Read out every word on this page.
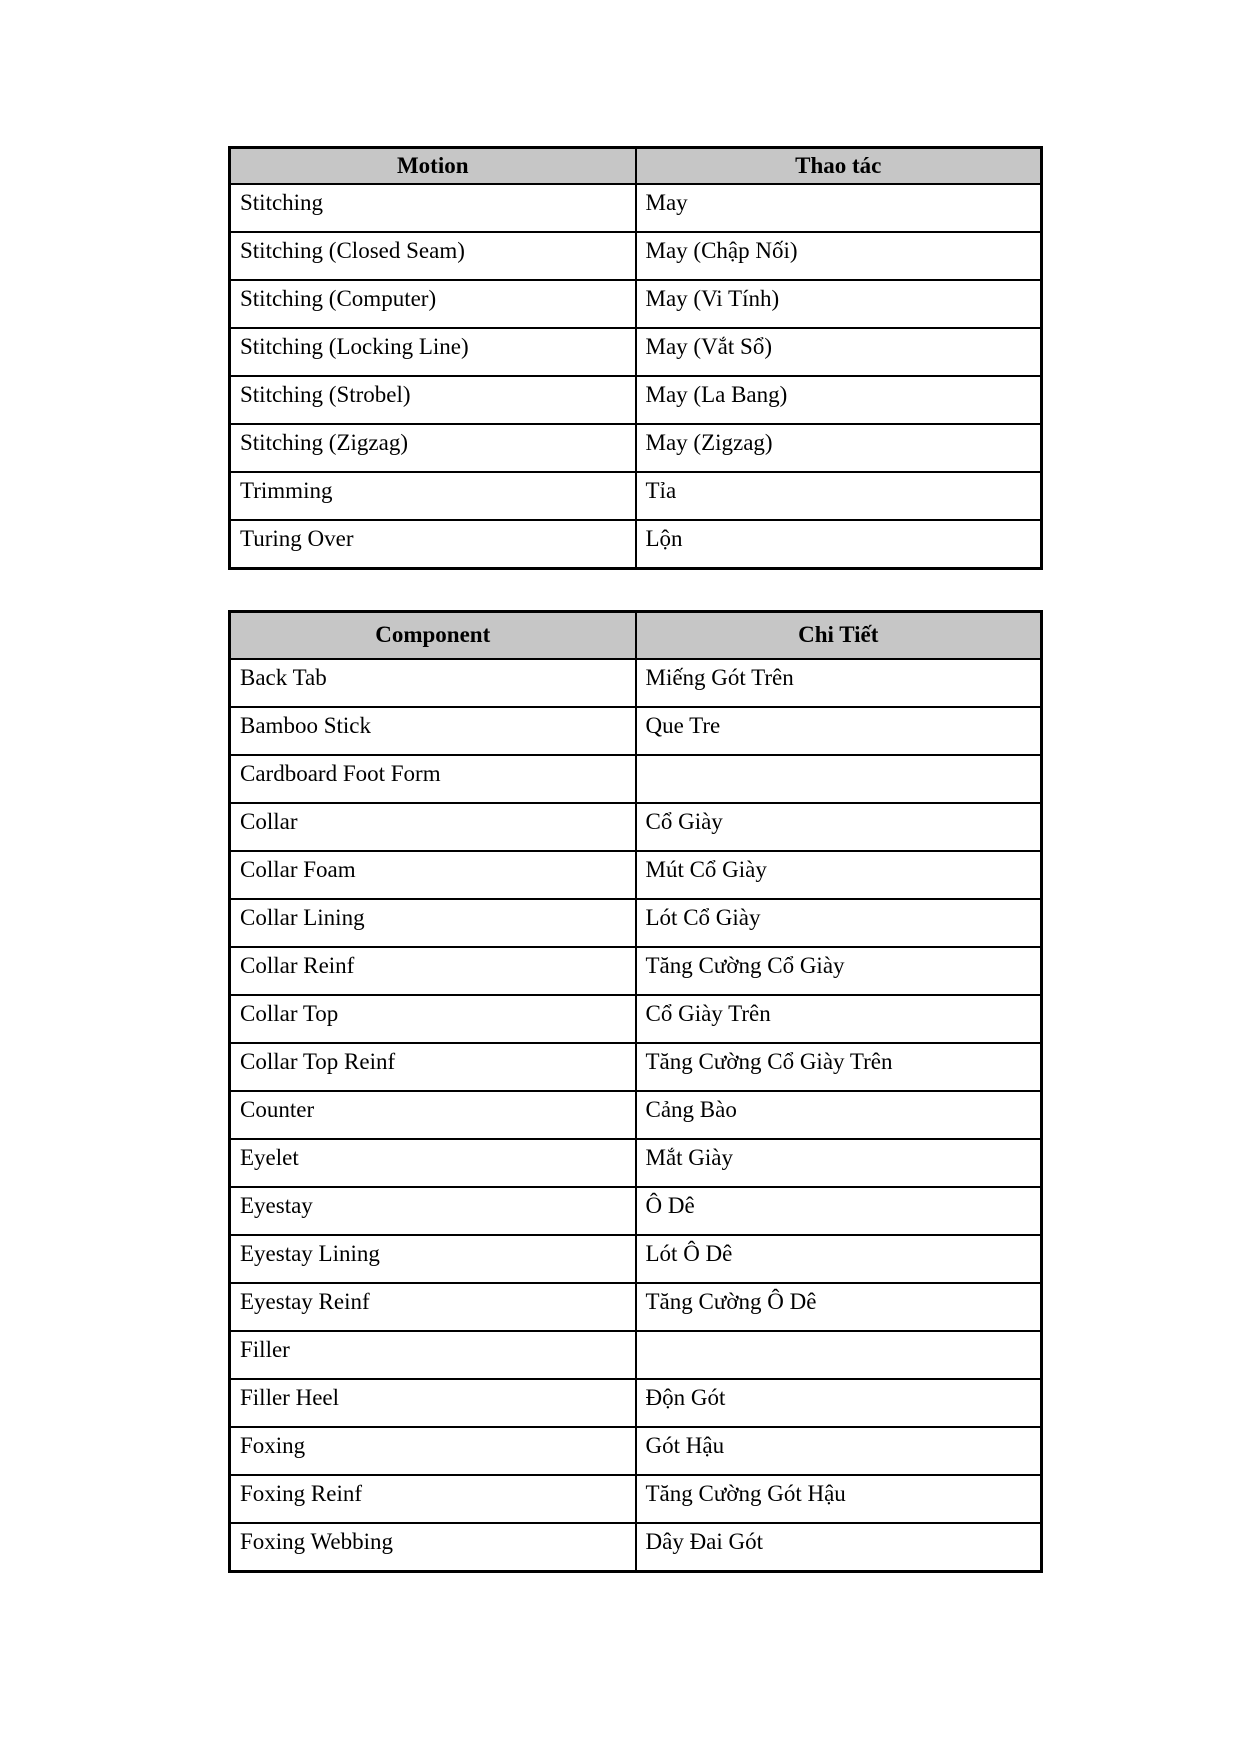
Motion	Thao tác
Stitching	May
Stitching (Closed Seam)	May (Chập Nối)
Stitching (Computer)	May (Vi Tính)
Stitching (Locking Line)	May (Vắt Sổ)
Stitching (Strobel)	May (La Bang)
Stitching (Zigzag)	May (Zigzag)
Trimming	Tỉa
Turing Over	Lộn
Component	Chi Tiết
Back Tab	Miếng Gót Trên
Bamboo Stick	Que Tre
Cardboard Foot Form	
Collar	Cổ Giày
Collar Foam	Mút Cổ Giày
Collar Lining	Lót Cổ Giày
Collar Reinf	Tăng Cường Cổ Giày
Collar Top	Cổ Giày Trên
Collar Top Reinf	Tăng Cường Cổ Giày Trên
Counter	Cảng Bào
Eyelet	Mắt Giày
Eyestay	Ô Dê
Eyestay Lining	Lót Ô Dê
Eyestay Reinf	Tăng Cường Ô Dê
Filler	
Filler Heel	Độn Gót
Foxing	Gót Hậu
Foxing Reinf	Tăng Cường Gót Hậu
Foxing Webbing	Dây Đai Gót
